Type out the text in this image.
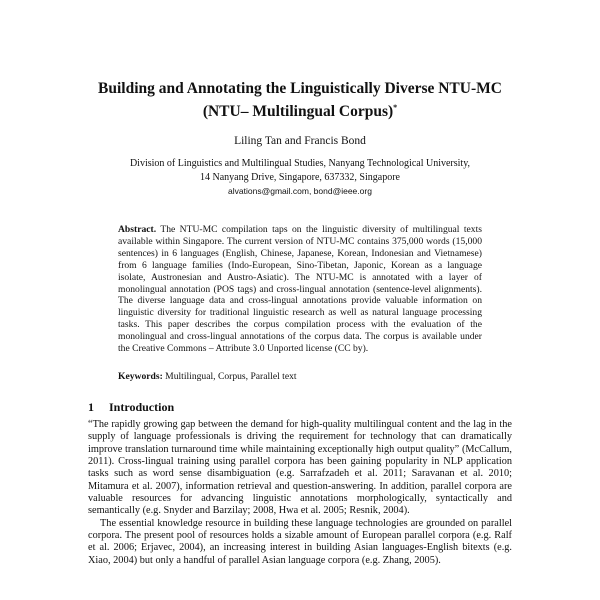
Building and Annotating the Linguistically Diverse NTU-MC
(NTU– Multilingual Corpus)*
Liling Tan and Francis Bond
Division of Linguistics and Multilingual Studies, Nanyang Technological University,
14 Nanyang Drive, Singapore, 637332, Singapore
alvations@gmail.com, bond@ieee.org
Abstract. The NTU-MC compilation taps on the linguistic diversity of multilingual texts available within Singapore. The current version of NTU-MC contains 375,000 words (15,000 sentences) in 6 languages (English, Chinese, Japanese, Korean, Indonesian and Vietnamese) from 6 language families (Indo-European, Sino-Tibetan, Japonic, Korean as a language isolate, Austronesian and Austro-Asiatic). The NTU-MC is annotated with a layer of monolingual annotation (POS tags) and cross-lingual annotation (sentence-level alignments). The diverse language data and cross-lingual annotations provide valuable information on linguistic diversity for traditional linguistic research as well as natural language processing tasks. This paper describes the corpus compilation process with the evaluation of the monolingual and cross-lingual annotations of the corpus data. The corpus is available under the Creative Commons – Attribute 3.0 Unported license (CC by).
Keywords: Multilingual, Corpus, Parallel text
1 Introduction

“The rapidly growing gap between the demand for high-quality multilingual content and the lag in the supply of language professionals is driving the requirement for technology that can dramatically improve translation turnaround time while maintaining exceptionally high output quality” (McCallum, 2011). Cross-lingual training using parallel corpora has been gaining popularity in NLP application tasks such as word sense disambiguation (e.g. Sarrafzadeh et al. 2011; Saravanan et al. 2010; Mitamura et al. 2007), information retrieval and question-answering. In addition, parallel corpora are valuable resources for advancing linguistic annotations morphologically, syntactically and semantically (e.g. Snyder and Barzilay; 2008, Hwa et al. 2005; Resnik, 2004).

The essential knowledge resource in building these language technologies are grounded on parallel corpora. The present pool of resources holds a sizable amount of European parallel corpora (e.g. Ralf et al. 2006; Erjavec, 2004), an increasing interest in building Asian languages-English bitexts (e.g. Xiao, 2004) but only a handful of parallel Asian language corpora (e.g. Zhang, 2005).
